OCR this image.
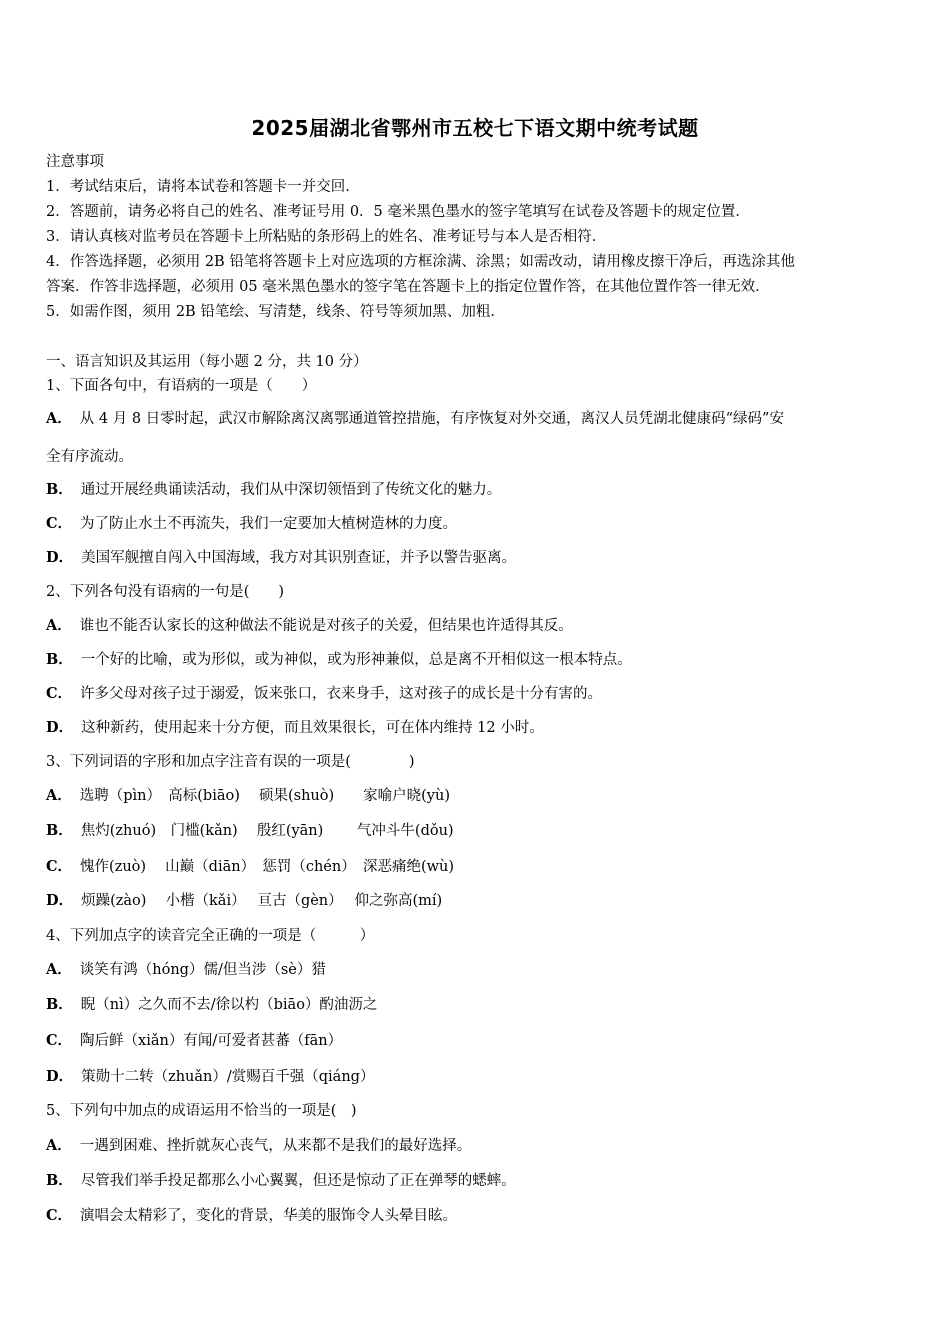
2025届湖北省鄂州市五校七下语文期中统考试题
注意事项
1．考试结束后，请将本试卷和答题卡一并交回．
2．答题前，请务必将自己的姓名、准考证号用 0．5 毫米黑色墨水的签字笔填写在试卷及答题卡的规定位置．
3．请认真核对监考员在答题卡上所粘贴的条形码上的姓名、准考证号与本人是否相符．
4．作答选择题，必须用 2B 铅笔将答题卡上对应选项的方框涂满、涂黑；如需改动，请用橡皮擦干净后，再选涂其他
答案．作答非选择题，必须用 05 毫米黑色墨水的签字笔在答题卡上的指定位置作答，在其他位置作答一律无效．
5．如需作图，须用 2B 铅笔绘、写清楚，线条、符号等须加黑、加粗．
一、语言知识及其运用（每小题 2 分，共 10 分）
1、下面各句中，有语病的一项是（　　）
A． 从 4 月 8 日零时起，武汉市解除离汉离鄂通道管控措施，有序恢复对外交通，离汉人员凭湖北健康码“绿码”安
全有序流动。
B． 通过开展经典诵读活动，我们从中深切领悟到了传统文化的魅力。
C． 为了防止水土不再流失，我们一定要加大植树造林的力度。
D． 美国军舰擅自闯入中国海域，我方对其识别查证，并予以警告驱离。
2、下列各句没有语病的一句是(　　)
A． 谁也不能否认家长的这种做法不能说是对孩子的关爱，但结果也许适得其反。
B． 一个好的比喻，或为形似，或为神似，或为形神兼似，总是离不开相似这一根本特点。
C． 许多父母对孩子过于溺爱，饭来张口，衣来身手，这对孩子的成长是十分有害的。
D． 这种新药，使用起来十分方便，而且效果很长，可在体内维持 12 小时。
3、下列词语的字形和加点字注音有误的一项是(　　　　)
A． 选聘（pìn）　高标(biāo)　 硕果(shuò)　　家喻户晓(yù)
B． 焦灼(zhuó)　门槛(kǎn)　 殷红(yān)　　 气冲斗牛(dǒu)
C． 愧作(zuò)　 山巅（diān）　惩罚（chén）　深恶痛绝(wù)
D． 烦躁(zào)　 小楷（kǎi）　 亘古（gèn）　 仰之弥高(mí)
4、下列加点字的读音完全正确的一项是（　　　）
A． 谈笑有鸿（hóng）儒/但当涉（sè）猎
B． 睨（nì）之久而不去/徐以杓（biāo）酌油沥之
C． 陶后鲜（xiǎn）有闻/可爱者甚蕃（fān）
D． 策勋十二转（zhuǎn）/赏赐百千强（qiáng）
5、下列句中加点的成语运用不恰当的一项是(　)
A． 一遇到困难、挫折就灰心丧气，从来都不是我们的最好选择。
B． 尽管我们举手投足都那么小心翼翼，但还是惊动了正在弹琴的蟋蟀。
C． 演唱会太精彩了，变化的背景，华美的服饰令人头晕目眩。
